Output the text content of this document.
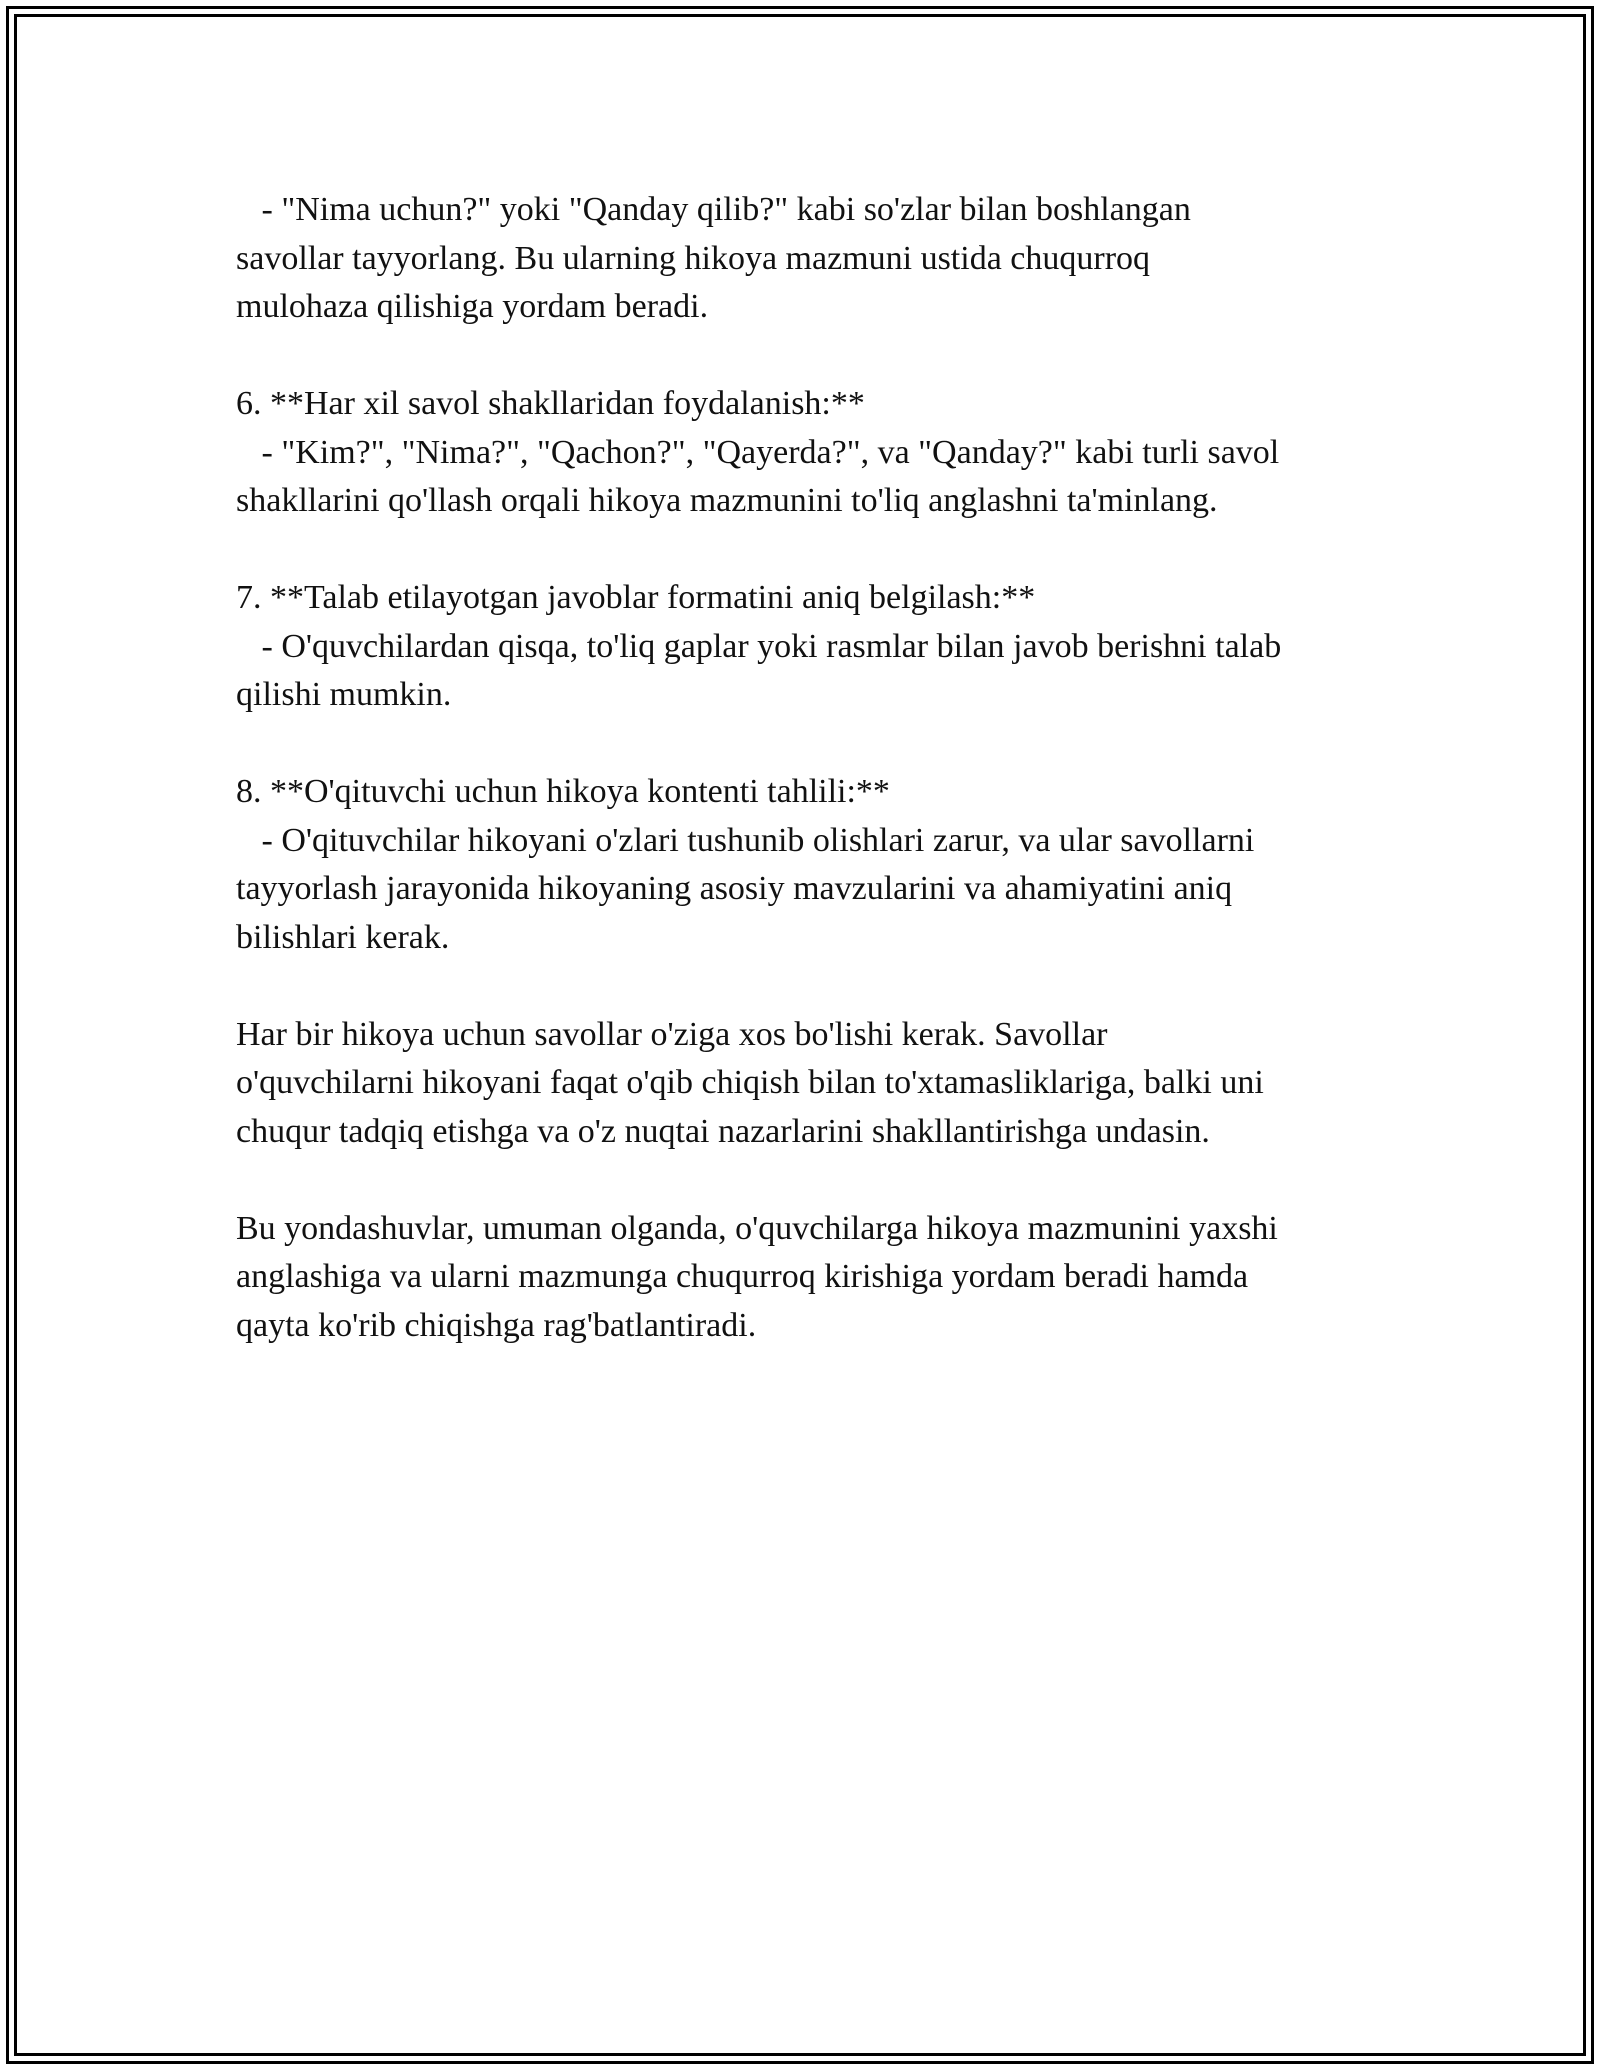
- "Nima uchun?" yoki "Qanday qilib?" kabi so'zlar bilan boshlangan
savollar tayyorlang. Bu ularning hikoya mazmuni ustida chuqurroq
mulohaza qilishiga yordam beradi.

6. **Har xil savol shakllaridan foydalanish:**
- "Kim?", "Nima?", "Qachon?", "Qayerda?", va "Qanday?" kabi turli savol
shakllarini qo'llash orqali hikoya mazmunini to'liq anglashni ta'minlang.

7. **Talab etilayotgan javoblar formatini aniq belgilash:**
- O'quvchilardan qisqa, to'liq gaplar yoki rasmlar bilan javob berishni talab
qilishi mumkin.

8. **O'qituvchi uchun hikoya kontenti tahlili:**
- O'qituvchilar hikoyani o'zlari tushunib olishlari zarur, va ular savollarni
tayyorlash jarayonida hikoyaning asosiy mavzularini va ahamiyatini aniq
bilishlari kerak.

Har bir hikoya uchun savollar o'ziga xos bo'lishi kerak. Savollar
o'quvchilarni hikoyani faqat o'qib chiqish bilan to'xtamasliklariga, balki uni
chuqur tadqiq etishga va o'z nuqtai nazarlarini shakllantirishga undasin.

Bu yondashuvlar, umuman olganda, o'quvchilarga hikoya mazmunini yaxshi
anglashiga va ularni mazmunga chuqurroq kirishiga yordam beradi hamda
qayta ko'rib chiqishga rag'batlantiradi.
